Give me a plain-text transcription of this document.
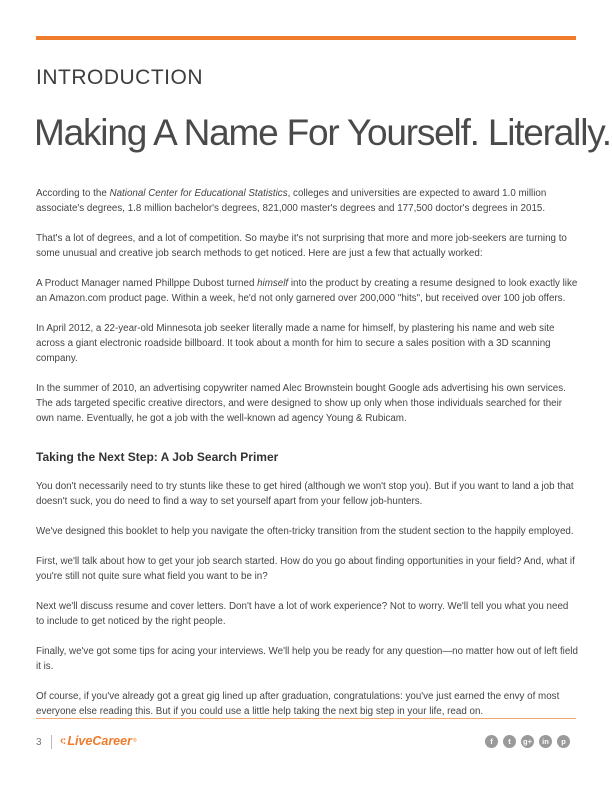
INTRODUCTION
Making A Name For Yourself. Literally.

According to the National Center for Educational Statistics, colleges and universities are expected to award 1.0 million associate's degrees, 1.8 million bachelor's degrees, 821,000 master's degrees and 177,500 doctor's degrees in 2015.

That's a lot of degrees, and a lot of competition. So maybe it's not surprising that more and more job-seekers are turning to some unusual and creative job search methods to get noticed. Here are just a few that actually worked:

A Product Manager named Phillppe Dubost turned himself into the product by creating a resume designed to look exactly like an Amazon.com product page. Within a week, he'd not only garnered over 200,000 "hits", but received over 100 job offers.

In April 2012, a 22-year-old Minnesota job seeker literally made a name for himself, by plastering his name and web site across a giant electronic roadside billboard. It took about a month for him to secure a sales position with a 3D scanning company.

In the summer of 2010, an advertising copywriter named Alec Brownstein bought Google ads advertising his own services. The ads targeted specific creative directors, and were designed to show up only when those individuals searched for their own name. Eventually, he got a job with the well-known ad agency Young & Rubicam.

Taking the Next Step: A Job Search Primer

You don't necessarily need to try stunts like these to get hired (although we won't stop you). But if you want to land a job that doesn't suck, you do need to find a way to set yourself apart from your fellow job-hunters.

We've designed this booklet to help you navigate the often-tricky transition from the student section to the happily employed.

First, we'll talk about how to get your job search started. How do you go about finding opportunities in your field? And, what if you're still not quite sure what field you want to be in?

Next we'll discuss resume and cover letters. Don't have a lot of work experience? Not to worry. We'll tell you what you need to include to get noticed by the right people.

Finally, we've got some tips for acing your interviews. We'll help you be ready for any question—no matter how out of left field it is.

Of course, if you've already got a great gig lined up after graduation, congratulations: you've just earned the envy of most everyone else reading this. But if you could use a little help taking the next big step in your life, read on.

3 ‹: LiveCareer ®	f	t	g+	in	p
